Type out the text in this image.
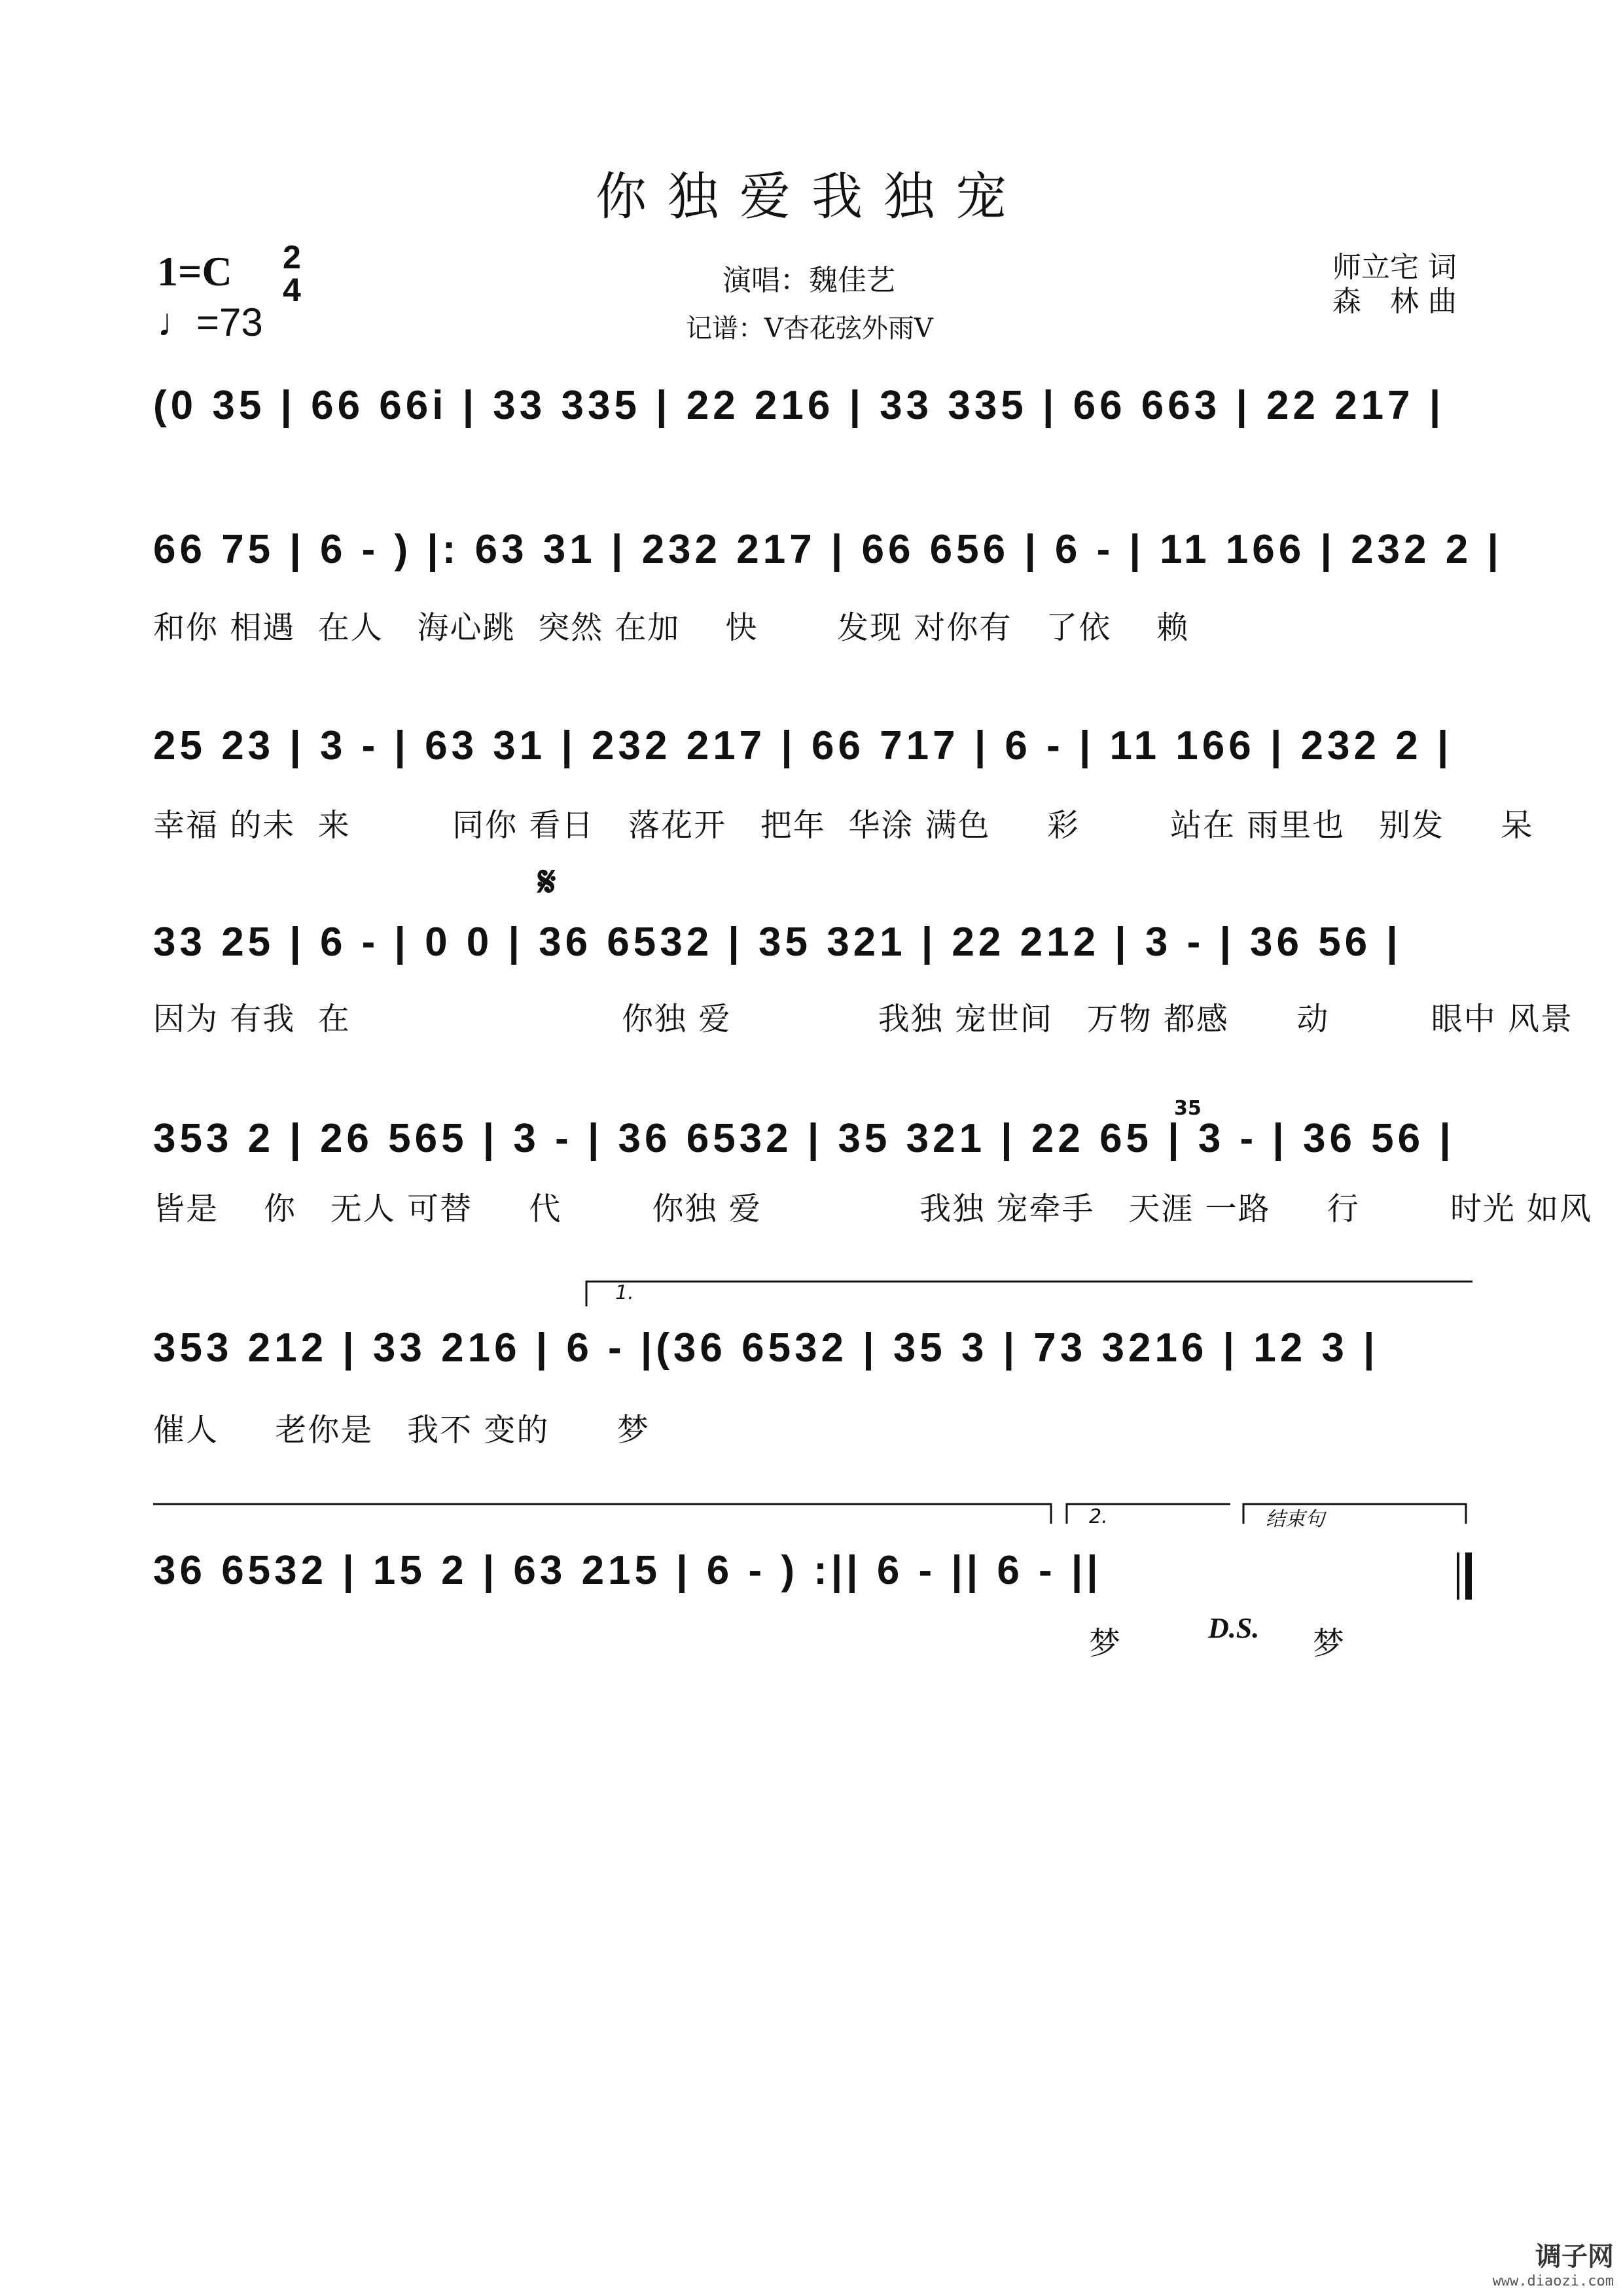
你独爱我独宠
演唱：魏佳艺
记谱：V杏花弦外雨V
师立宅 词
森　林 曲
1=C 2
4
♩=73
(0 35 | 66 66i | 33 335 | 22 216 | 33 335 | 66 663 | 22 217 |
66 75 | 6 - ) |: 63 31 | 232 217 | 66 656 | 6 - | 11 166 | 232 2 |
和你 相遇  在人   海心跳  突然 在加    快       发现 对你有   了依    赖
25 23 | 3 - | 63 31 | 232 217 | 66 717 | 6 - | 11 166 | 232 2 |
幸福 的未  来         同你 看日   落花开   把年  华涂 满色     彩        站在 雨里也   别发     呆
𝄋
33 25 | 6 - | 0 0 | 36 6532 | 35 321 | 22 212 | 3 - | 36 56 |
因为 有我  在                        你独 爱             我独 宠世间   万物 都感      动         眼中 风景
35
353 2 | 26 565 | 3 - | 36 6532 | 35 321 | 22 65 | 3 - | 36 56 |
皆是    你   无人 可替     代        你独 爱              我独 宠牵手   天涯 一路     行        时光 如风
1.
353 212 | 33 216 | 6 - |(36 6532 | 35 3 | 73 3216 | 12 3 |
催人     老你是   我不 变的      梦
2.	结束句
36 6532 | 15 2 | 63 215 | 6 - ) :|| 6 - || 6 - ||
梦	D.S. 梦
调子网
www.diaozi.com
